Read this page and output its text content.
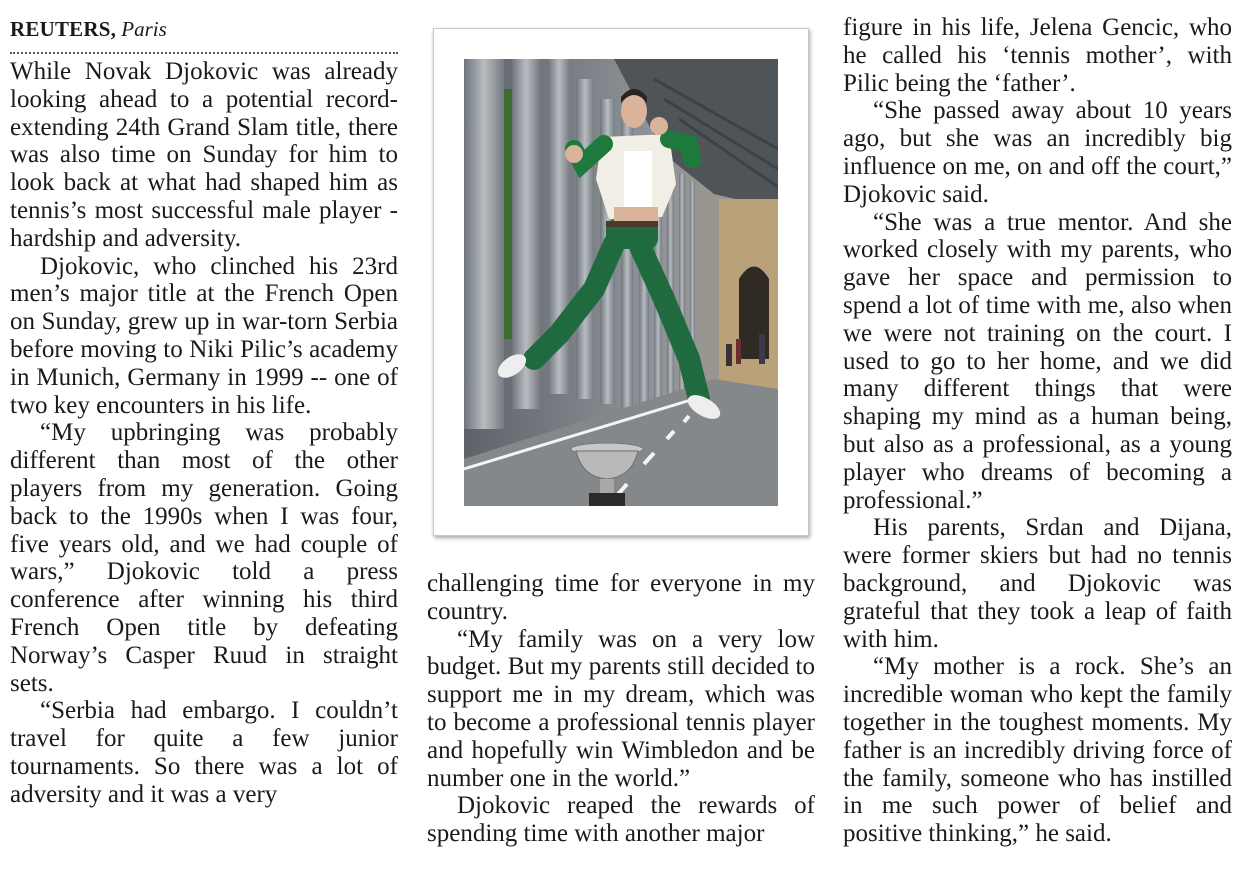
REUTERS, Paris

While Novak Djokovic was already looking ahead to a potential record-extending 24th Grand Slam title, there was also time on Sunday for him to look back at what had shaped him as tennis’s most successful male player - hardship and adversity.

Djokovic, who clinched his 23rd men’s major title at the French Open on Sunday, grew up in war-torn Serbia before moving to Niki Pilic’s academy in Munich, Germany in 1999 -- one of two key encounters in his life.

“My upbringing was probably different than most of the other players from my generation. Going back to the 1990s when I was four, five years old, and we had couple of wars,” Djokovic told a press conference after winning his third French Open title by defeating Norway’s Casper Ruud in straight sets.

“Serbia had embargo. I couldn’t travel for quite a few junior tournaments. So there was a lot of adversity and it was a very

challenging time for everyone in my country.

“My family was on a very low budget. But my parents still decided to support me in my dream, which was to become a professional tennis player and hopefully win Wimbledon and be number one in the world.”

Djokovic reaped the rewards of spending time with another major

figure in his life, Jelena Gencic, who he called his ‘tennis mother’, with Pilic being the ‘father’.

“She passed away about 10 years ago, but she was an incredibly big influence on me, on and off the court,” Djokovic said.

“She was a true mentor. And she worked closely with my parents, who gave her space and permission to spend a lot of time with me, also when we were not training on the court. I used to go to her home, and we did many different things that were shaping my mind as a human being, but also as a professional, as a young player who dreams of becoming a professional.”

His parents, Srdan and Dijana, were former skiers but had no tennis background, and Djokovic was grateful that they took a leap of faith with him.

“My mother is a rock. She’s an incredible woman who kept the family together in the toughest moments. My father is an incredibly driving force of the family, someone who has instilled in me such power of belief and positive thinking,” he said.
